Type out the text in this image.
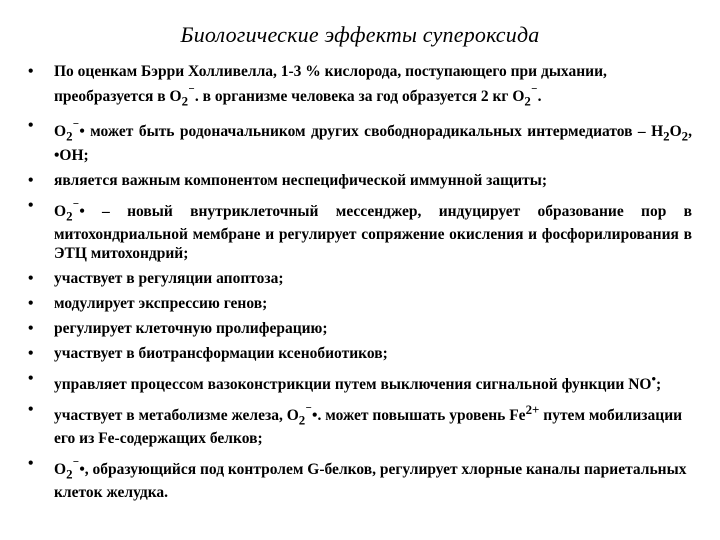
Биологические эффекты супероксида
•	По оценкам Бэрри Холливелла, 1-3 % кислорода, поступающего при дыхании, преобразуется в $О_2^{^-}$. в организме человека за год образуется 2 кг $О_2^{^-}$.
•	$О_2^{^-}•$ может быть родоначальником других свободнорадикальных интермедиатов – $Н_2О_2$, •ОН;
•	является важным компонентом неспецифической иммунной защиты;
•	$О_2^{^-}•$ – новый внутриклеточный мессенджер, индуцирует образование пор в митохондриальной мембране и регулирует сопряжение окисления и фосфорилирования в ЭТЦ митохондрий;
•	участвует в регуляции апоптоза;
•	модулирует экспрессию генов;
•	регулирует клеточную пролиферацию;
•	участвует в биотрансформации ксенобиотиков;
•	управляет процессом вазоконстрикции путем выключения сигнальной функции NO•;
•	участвует в метаболизме железа, $О_2^{^-}•$. может повышать уровень $Fe^{2+}$ путем мобилизации его из Fe-содержащих белков;
•	$О_2^{^-}•$, образующийся под контролем G-белков, регулирует хлорные каналы париетальных клеток желудка.
